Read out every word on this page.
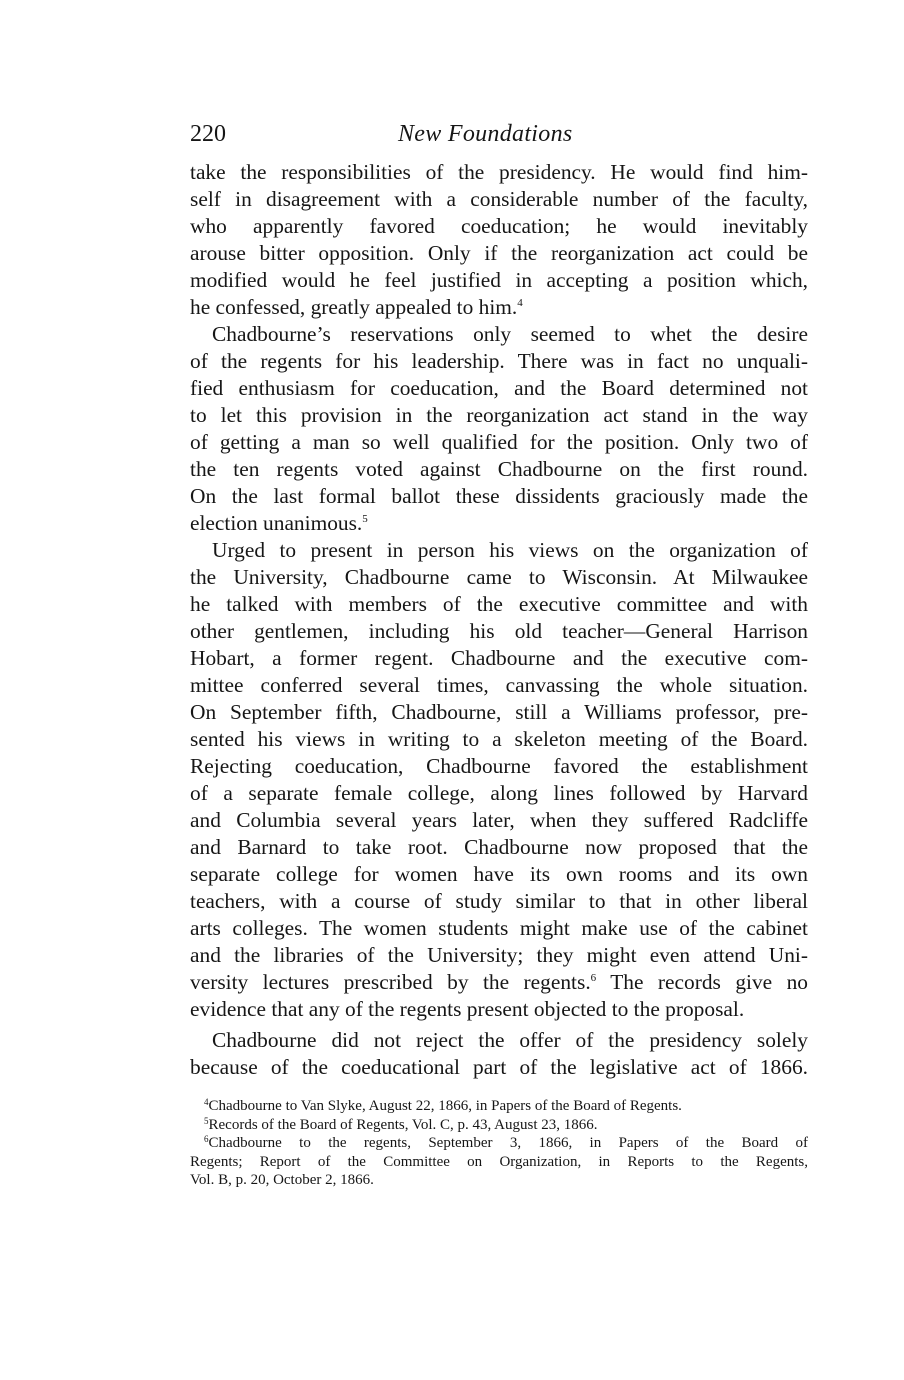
220	New Foundations
take the responsibilities of the presidency. He would find him-
self in disagreement with a considerable number of the faculty,
who apparently favored coeducation; he would inevitably
arouse bitter opposition. Only if the reorganization act could be
modified would he feel justified in accepting a position which,
he confessed, greatly appealed to him.$^4$
Chadbourne’s reservations only seemed to whet the desire
of the regents for his leadership. There was in fact no unquali-
fied enthusiasm for coeducation, and the Board determined not
to let this provision in the reorganization act stand in the way
of getting a man so well qualified for the position. Only two of
the ten regents voted against Chadbourne on the first round.
On the last formal ballot these dissidents graciously made the
election unanimous.$^5$
Urged to present in person his views on the organization of
the University, Chadbourne came to Wisconsin. At Milwaukee
he talked with members of the executive committee and with
other gentlemen, including his old teacher—General Harrison
Hobart, a former regent. Chadbourne and the executive com-
mittee conferred several times, canvassing the whole situation.
On September fifth, Chadbourne, still a Williams professor, pre-
sented his views in writing to a skeleton meeting of the Board.
Rejecting coeducation, Chadbourne favored the establishment
of a separate female college, along lines followed by Harvard
and Columbia several years later, when they suffered Radcliffe
and Barnard to take root. Chadbourne now proposed that the
separate college for women have its own rooms and its own
teachers, with a course of study similar to that in other liberal
arts colleges. The women students might make use of the cabinet
and the libraries of the University; they might even attend Uni-
versity lectures prescribed by the regents.$^6$ The records give no
evidence that any of the regents present objected to the proposal.
Chadbourne did not reject the offer of the presidency solely
because of the coeducational part of the legislative act of 1866.
$^4$Chadbourne to Van Slyke, August 22, 1866, in Papers of the Board of Regents.
$^5$Records of the Board of Regents, Vol. C, p. 43, August 23, 1866.
$^6$Chadbourne to the regents, September 3, 1866, in Papers of the Board of
Regents; Report of the Committee on Organization, in Reports to the Regents,
Vol. B, p. 20, October 2, 1866.
